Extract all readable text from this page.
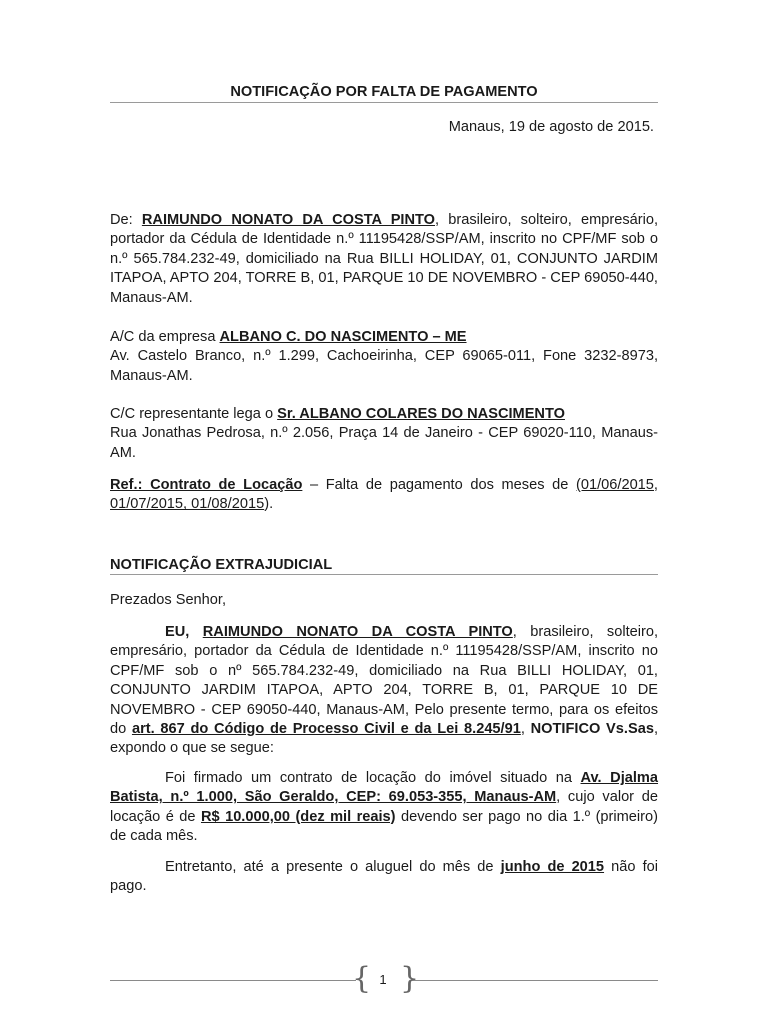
NOTIFICAÇÃO POR FALTA DE PAGAMENTO
Manaus, 19 de agosto de 2015.
De: RAIMUNDO NONATO DA COSTA PINTO, brasileiro, solteiro, empresário, portador da Cédula de Identidade n.º 11195428/SSP/AM, inscrito no CPF/MF sob o n.º 565.784.232-49, domiciliado na Rua BILLI HOLIDAY, 01, CONJUNTO JARDIM ITAPOA, APTO 204, TORRE B, 01, PARQUE 10 DE NOVEMBRO - CEP 69050-440, Manaus-AM.
A/C da empresa ALBANO C. DO NASCIMENTO – ME
Av. Castelo Branco, n.º 1.299, Cachoeirinha, CEP 69065-011, Fone 3232-8973, Manaus-AM.
C/C representante lega o Sr. ALBANO COLARES DO NASCIMENTO
Rua Jonathas Pedrosa, n.º 2.056, Praça 14 de Janeiro - CEP 69020-110, Manaus-AM.
Ref.: Contrato de Locação – Falta de pagamento dos meses de (01/06/2015, 01/07/2015, 01/08/2015).
NOTIFICAÇÃO EXTRAJUDICIAL
Prezados Senhor,
EU, RAIMUNDO NONATO DA COSTA PINTO, brasileiro, solteiro, empresário, portador da Cédula de Identidade n.º 11195428/SSP/AM, inscrito no CPF/MF sob o nº 565.784.232-49, domiciliado na Rua BILLI HOLIDAY, 01, CONJUNTO JARDIM ITAPOA, APTO 204, TORRE B, 01, PARQUE 10 DE NOVEMBRO - CEP 69050-440, Manaus-AM, Pelo presente termo, para os efeitos do art. 867 do Código de Processo Civil e da Lei 8.245/91, NOTIFICO Vs.Sas, expondo o que se segue:
Foi firmado um contrato de locação do imóvel situado na Av. Djalma Batista, n.º 1.000, São Geraldo, CEP: 69.053-355, Manaus-AM, cujo valor de locação é de R$ 10.000,00 (dez mil reais) devendo ser pago no dia 1.º (primeiro) de cada mês.
Entretanto, até a presente o aluguel do mês de junho de 2015 não foi pago.
{ }
1
